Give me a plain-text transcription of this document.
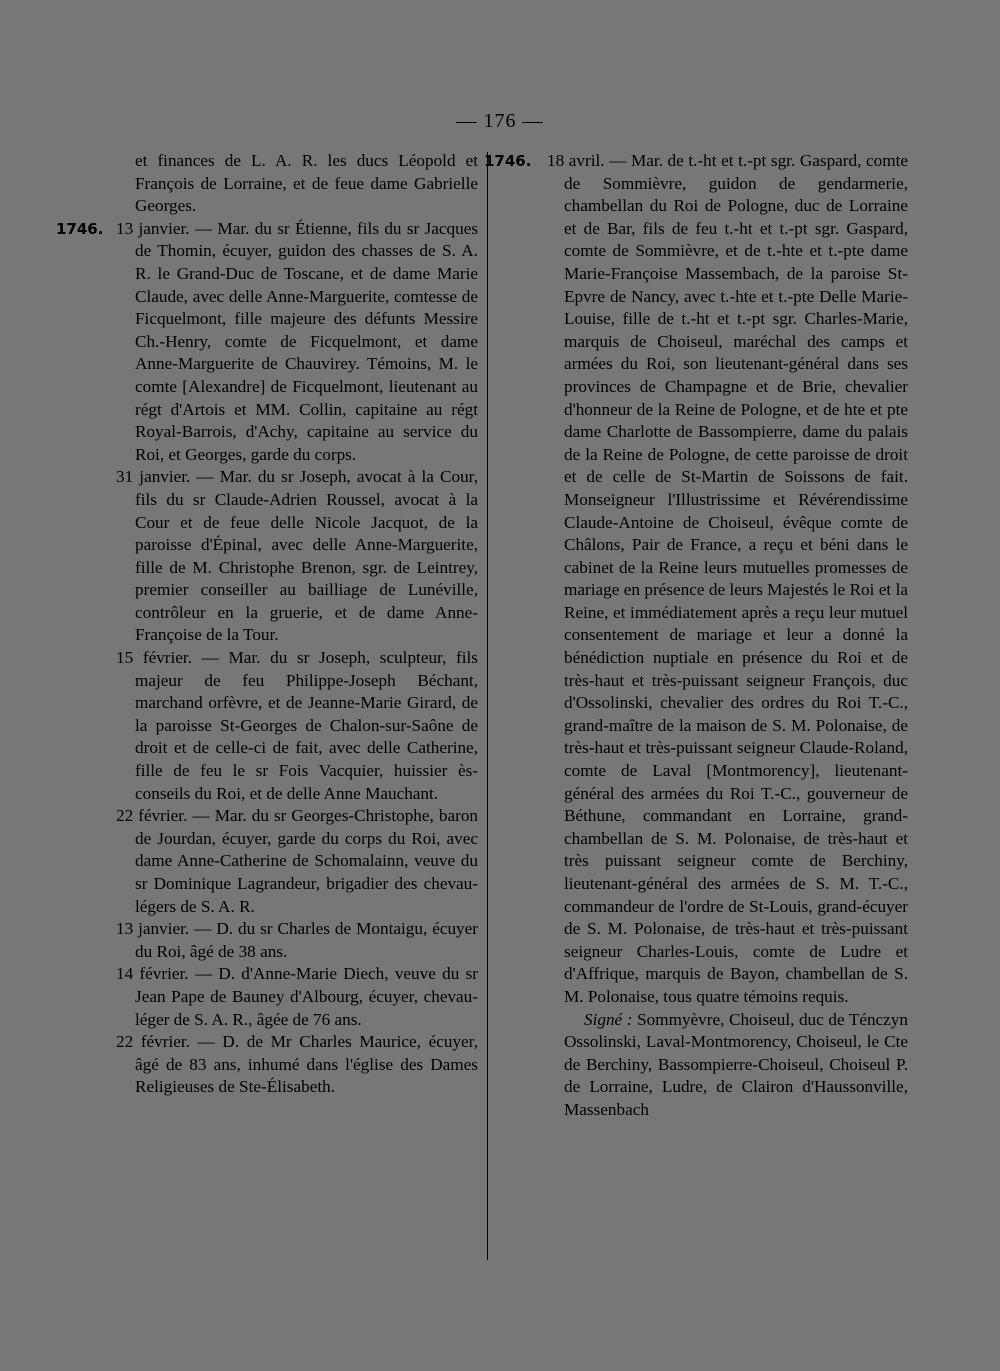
— 176 —

et finances de L. A. R. les ducs Léopold et François de Lorraine, et de feue dame Gabrielle Georges.

1746. 13 janvier. — Mar. du sr Étienne, fils du sr Jacques de Thomin, écuyer, guidon des chasses de S. A. R. le Grand-Duc de Toscane, et de dame Marie Claude, avec delle Anne-Marguerite, comtesse de Ficquelmont, fille majeure des défunts Messire Ch.-Henry, comte de Ficquelmont, et dame Anne-Marguerite de Chauvirey. Témoins, M. le comte [Alexandre] de Ficquelmont, lieutenant au régt d'Artois et MM. Collin, capitaine au régt Royal-Barrois, d'Achy, capitaine au service du Roi, et Georges, garde du corps.

31 janvier. — Mar. du sr Joseph, avocat à la Cour, fils du sr Claude-Adrien Roussel, avocat à la Cour et de feue delle Nicole Jacquot, de la paroisse d'Épinal, avec delle Anne-Marguerite, fille de M. Christophe Brenon, sgr. de Leintrey, premier conseiller au bailliage de Lunéville, contrôleur en la gruerie, et de dame Anne-Françoise de la Tour.

15 février. — Mar. du sr Joseph, sculpteur, fils majeur de feu Philippe-Joseph Béchant, marchand orfèvre, et de Jeanne-Marie Girard, de la paroisse St-Georges de Chalon-sur-Saône de droit et de celle-ci de fait, avec delle Catherine, fille de feu le sr Fois Vacquier, huissier ès-conseils du Roi, et de delle Anne Mauchant.

22 février. — Mar. du sr Georges-Christophe, baron de Jourdan, écuyer, garde du corps du Roi, avec dame Anne-Catherine de Schomalainn, veuve du sr Dominique Lagrandeur, brigadier des chevau-légers de S. A. R.

13 janvier. — D. du sr Charles de Montaigu, écuyer du Roi, âgé de 38 ans.

14 février. — D. d'Anne-Marie Diech, veuve du sr Jean Pape de Bauney d'Albourg, écuyer, chevau-léger de S. A. R., âgée de 76 ans.

22 février. — D. de Mr Charles Maurice, écuyer, âgé de 83 ans, inhumé dans l'église des Dames Religieuses de Ste-Élisabeth.

1746. 18 avril. — Mar. de t.-ht et t.-pt sgr. Gaspard, comte de Sommièvre, guidon de gendarmerie, chambellan du Roi de Pologne, duc de Lorraine et de Bar, fils de feu t.-ht et t.-pt sgr. Gaspard, comte de Sommièvre, et de t.-hte et t.-pte dame Marie-Françoise Massembach, de la paroise St-Epvre de Nancy, avec t.-hte et t.-pte Delle Marie-Louise, fille de t.-ht et t.-pt sgr. Charles-Marie, marquis de Choiseul, maréchal des camps et armées du Roi, son lieutenant-général dans ses provinces de Champagne et de Brie, chevalier d'honneur de la Reine de Pologne, et de hte et pte dame Charlotte de Bassompierre, dame du palais de la Reine de Pologne, de cette paroisse de droit et de celle de St-Martin de Soissons de fait. Monseigneur l'Illustrissime et Révérendissime Claude-Antoine de Choiseul, évêque comte de Châlons, Pair de France, a reçu et béni dans le cabinet de la Reine leurs mutuelles promesses de mariage en présence de leurs Majestés le Roi et la Reine, et immédiatement après a reçu leur mutuel consentement de mariage et leur a donné la bénédiction nuptiale en présence du Roi et de très-haut et très-puissant seigneur François, duc d'Ossolinski, chevalier des ordres du Roi T.-C., grand-maître de la maison de S. M. Polonaise, de très-haut et très-puissant seigneur Claude-Roland, comte de Laval [Montmorency], lieutenant-général des armées du Roi T.-C., gouverneur de Béthune, commandant en Lorraine, grand-chambellan de S. M. Polonaise, de très-haut et très puissant seigneur comte de Berchiny, lieutenant-général des armées de S. M. T.-C., commandeur de l'ordre de St-Louis, grand-écuyer de S. M. Polonaise, de très-haut et très-puissant seigneur Charles-Louis, comte de Ludre et d'Affrique, marquis de Bayon, chambellan de S. M. Polonaise, tous quatre témoins requis.

Signé : Sommyèvre, Choiseul, duc de Ténczyn Ossolinski, Laval-Montmorency, Choiseul, le Cte de Berchiny, Bassompierre-Choiseul, Choiseul P. de Lorraine, Ludre, de Clairon d'Haussonville, Massenbach
